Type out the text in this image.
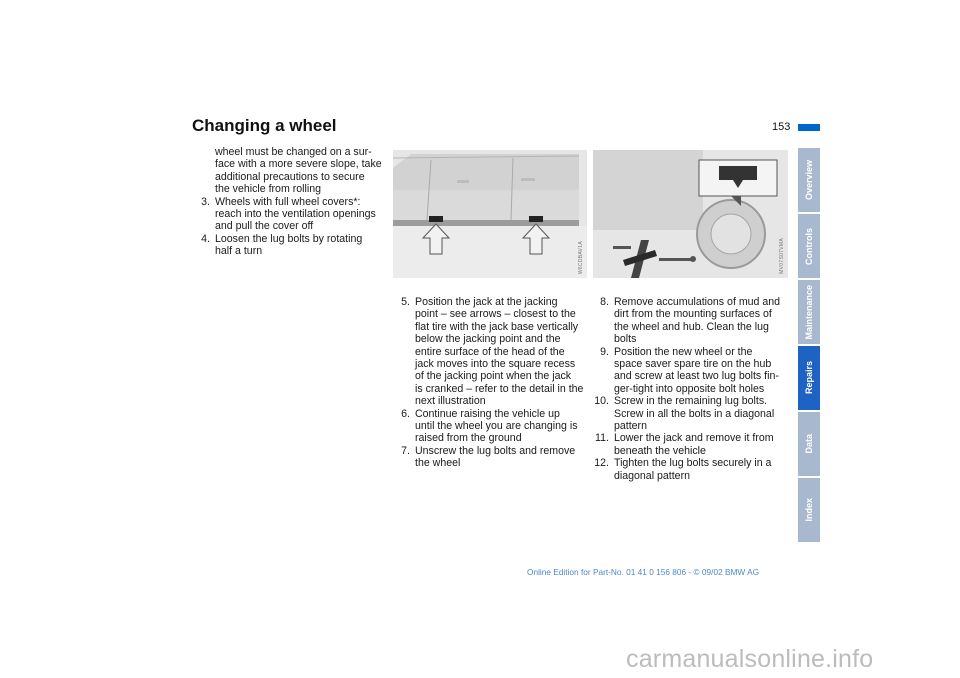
Changing a wheel	153
wheel must be changed on a sur-
face with a more severe slope, take
additional precautions to secure
the vehicle from rolling
3. Wheels with full wheel covers*:
reach into the ventilation openings
and pull the cover off
4. Loosen the lug bolts by rotating
half a turn	W6CDBAV1A	MV07S07VMA
5. Position the jack at the jacking
point – see arrows – closest to the
flat tire with the jack base vertically
below the jacking point and the
entire surface of the head of the
jack moves into the square recess
of the jacking point when the jack
is cranked – refer to the detail in the
next illustration
6. Continue raising the vehicle up
until the wheel you are changing is
raised from the ground
7. Unscrew the lug bolts and remove
the wheel
8. Remove accumulations of mud and
dirt from the mounting surfaces of
the wheel and hub. Clean the lug
bolts
9. Position the new wheel or the
space saver spare tire on the hub
and screw at least two lug bolts fin-
ger-tight into opposite bolt holes
10. Screw in the remaining lug bolts.
Screw in all the bolts in a diagonal
pattern
11. Lower the jack and remove it from
beneath the vehicle
12. Tighten the lug bolts securely in a
diagonal pattern
Overview
Controls
Maintenance
Repairs
Data
Index
Online Edition for Part-No. 01 41 0 156 806 - © 09/02 BMW AG
carmanualsonline.info
